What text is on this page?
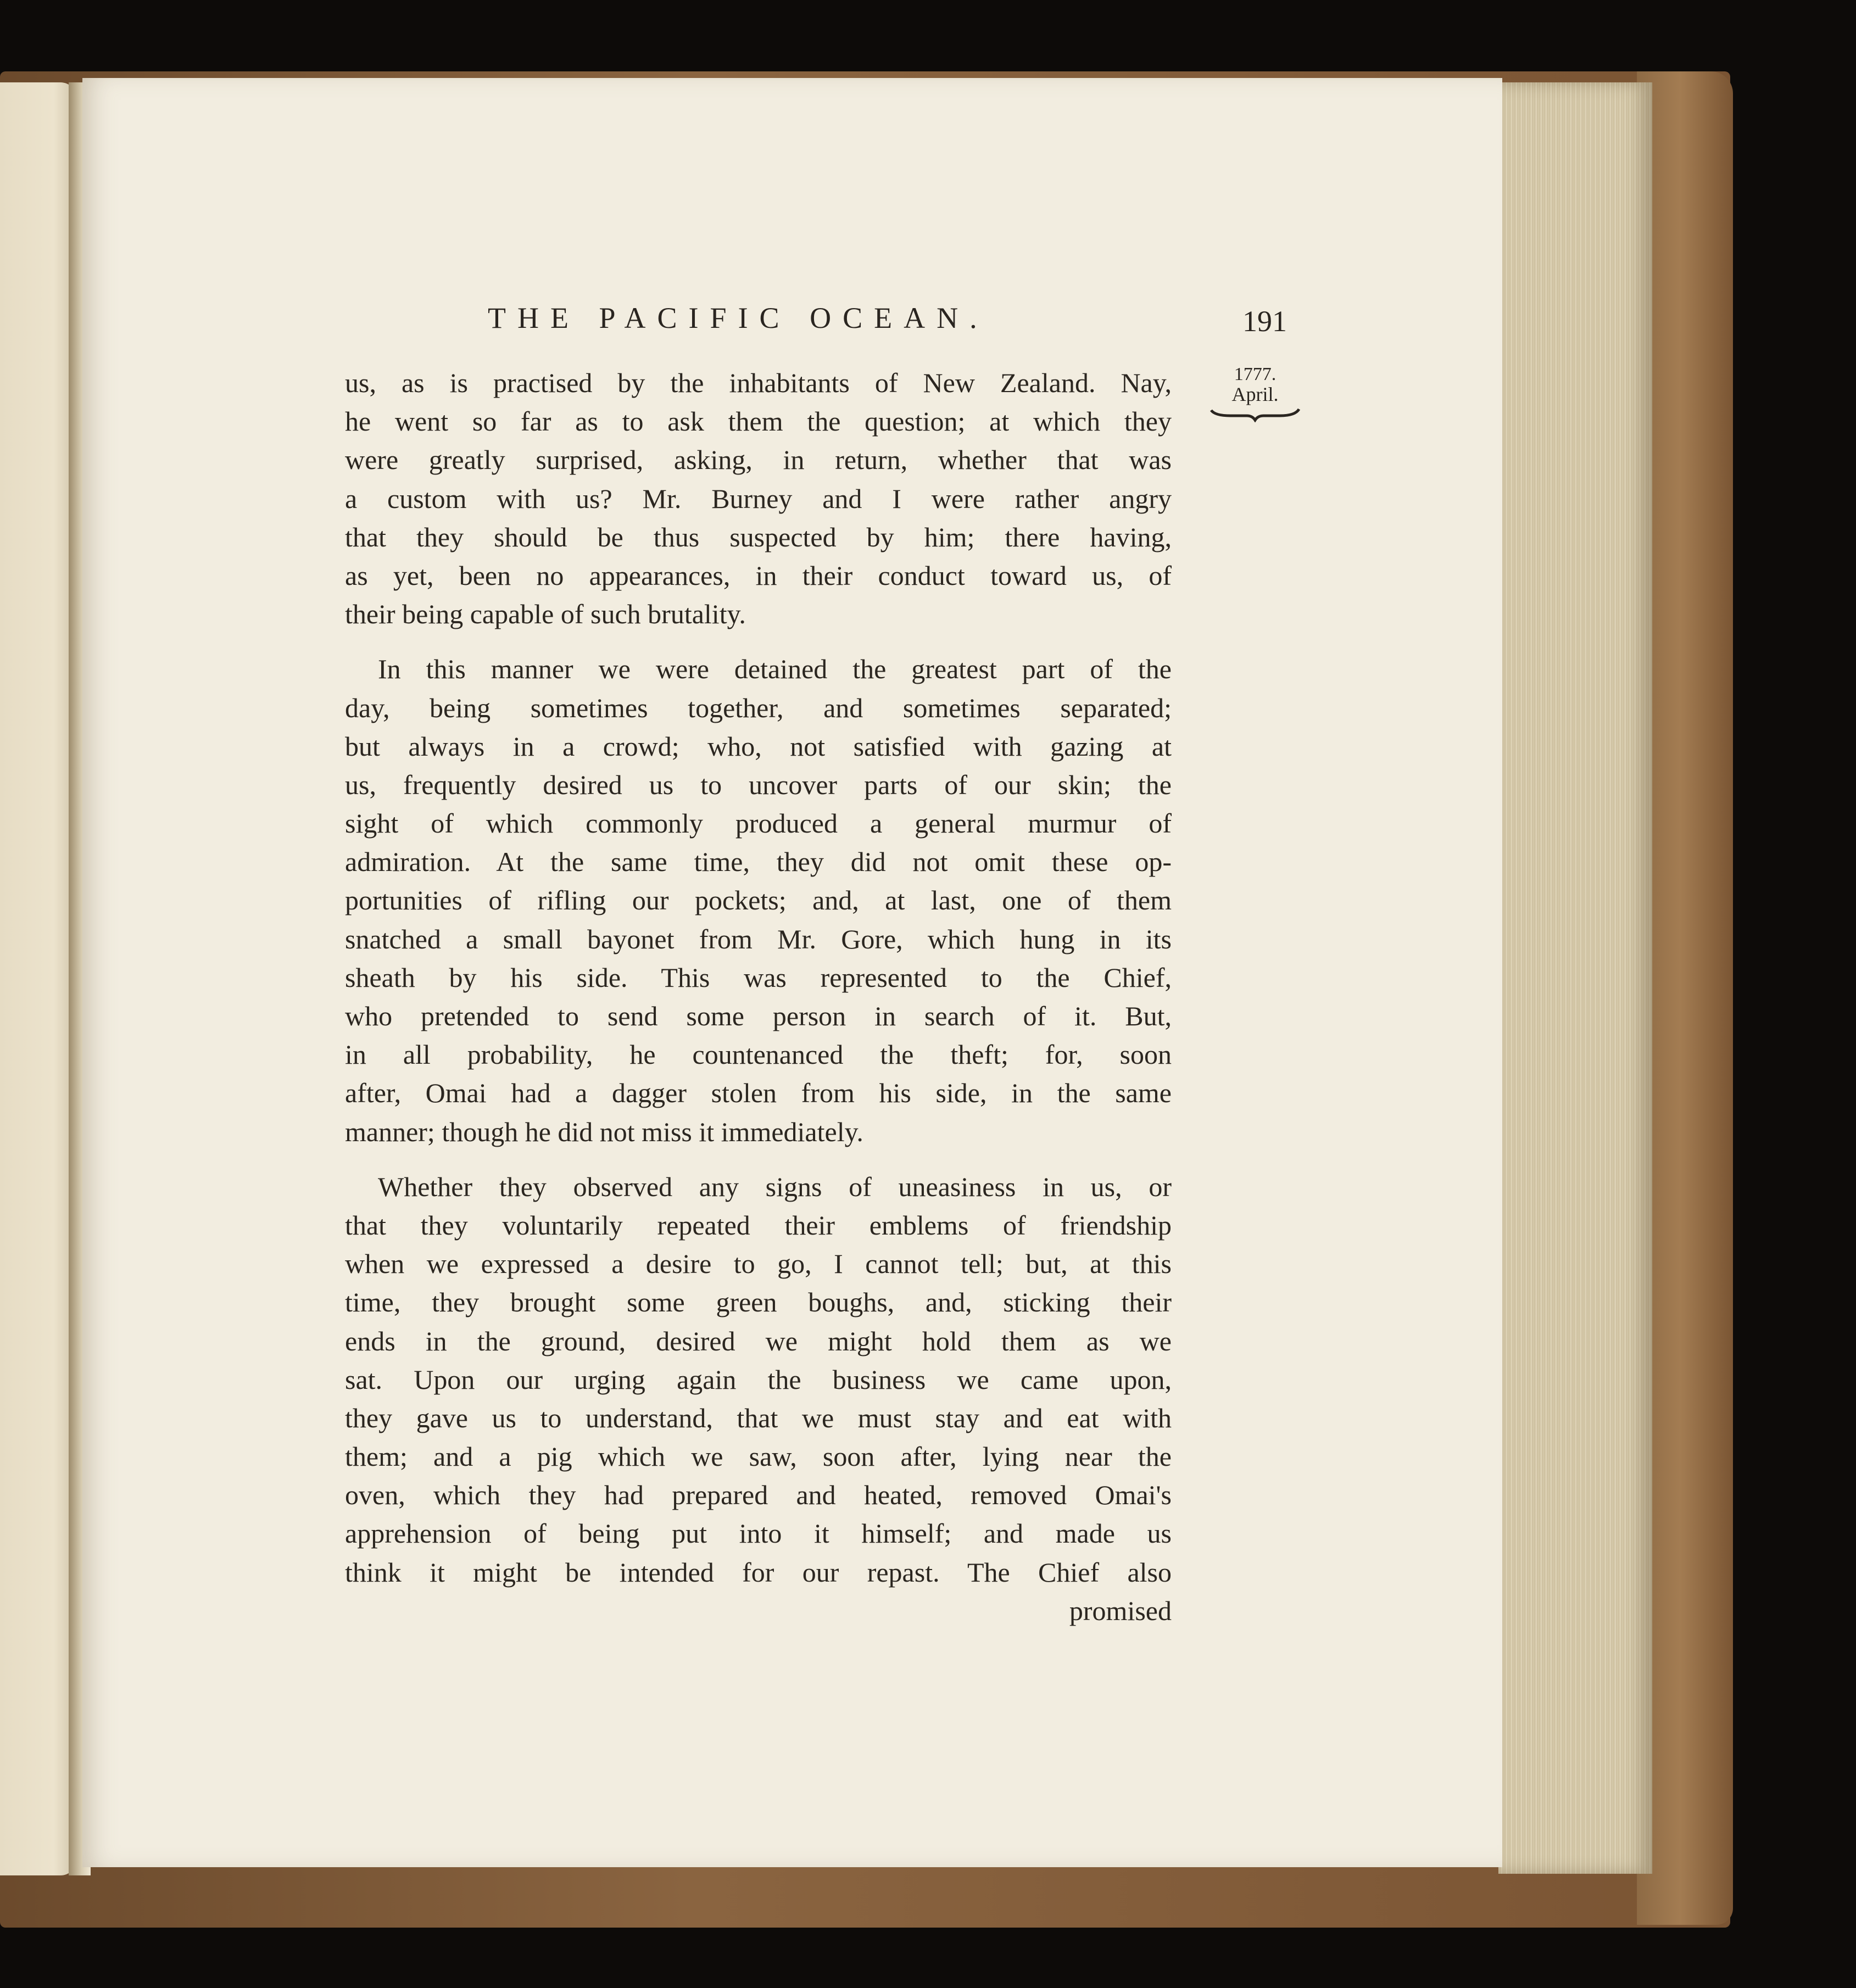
THE PACIFIC OCEAN.	191
1777.
April.
us, as is practised by the inhabitants of New Zealand. Nay,
he went so far as to ask them the question; at which they
were greatly surprised, asking, in return, whether that was
a custom with us? Mr. Burney and I were rather angry
that they should be thus suspected by him; there having,
as yet, been no appearances, in their conduct toward us, of
their being capable of such brutality.
In this manner we were detained the greatest part of the
day, being sometimes together, and sometimes separated;
but always in a crowd; who, not satisfied with gazing at
us, frequently desired us to uncover parts of our skin; the
sight of which commonly produced a general murmur of
admiration. At the same time, they did not omit these op-
portunities of rifling our pockets; and, at last, one of them
snatched a small bayonet from Mr. Gore, which hung in its
sheath by his side. This was represented to the Chief,
who pretended to send some person in search of it. But,
in all probability, he countenanced the theft; for, soon
after, Omai had a dagger stolen from his side, in the same
manner; though he did not miss it immediately.
Whether they observed any signs of uneasiness in us, or
that they voluntarily repeated their emblems of friendship
when we expressed a desire to go, I cannot tell; but, at this
time, they brought some green boughs, and, sticking their
ends in the ground, desired we might hold them as we
sat. Upon our urging again the business we came upon,
they gave us to understand, that we must stay and eat with
them; and a pig which we saw, soon after, lying near the
oven, which they had prepared and heated, removed Omai's
apprehension of being put into it himself; and made us
think it might be intended for our repast. The Chief also
promised
